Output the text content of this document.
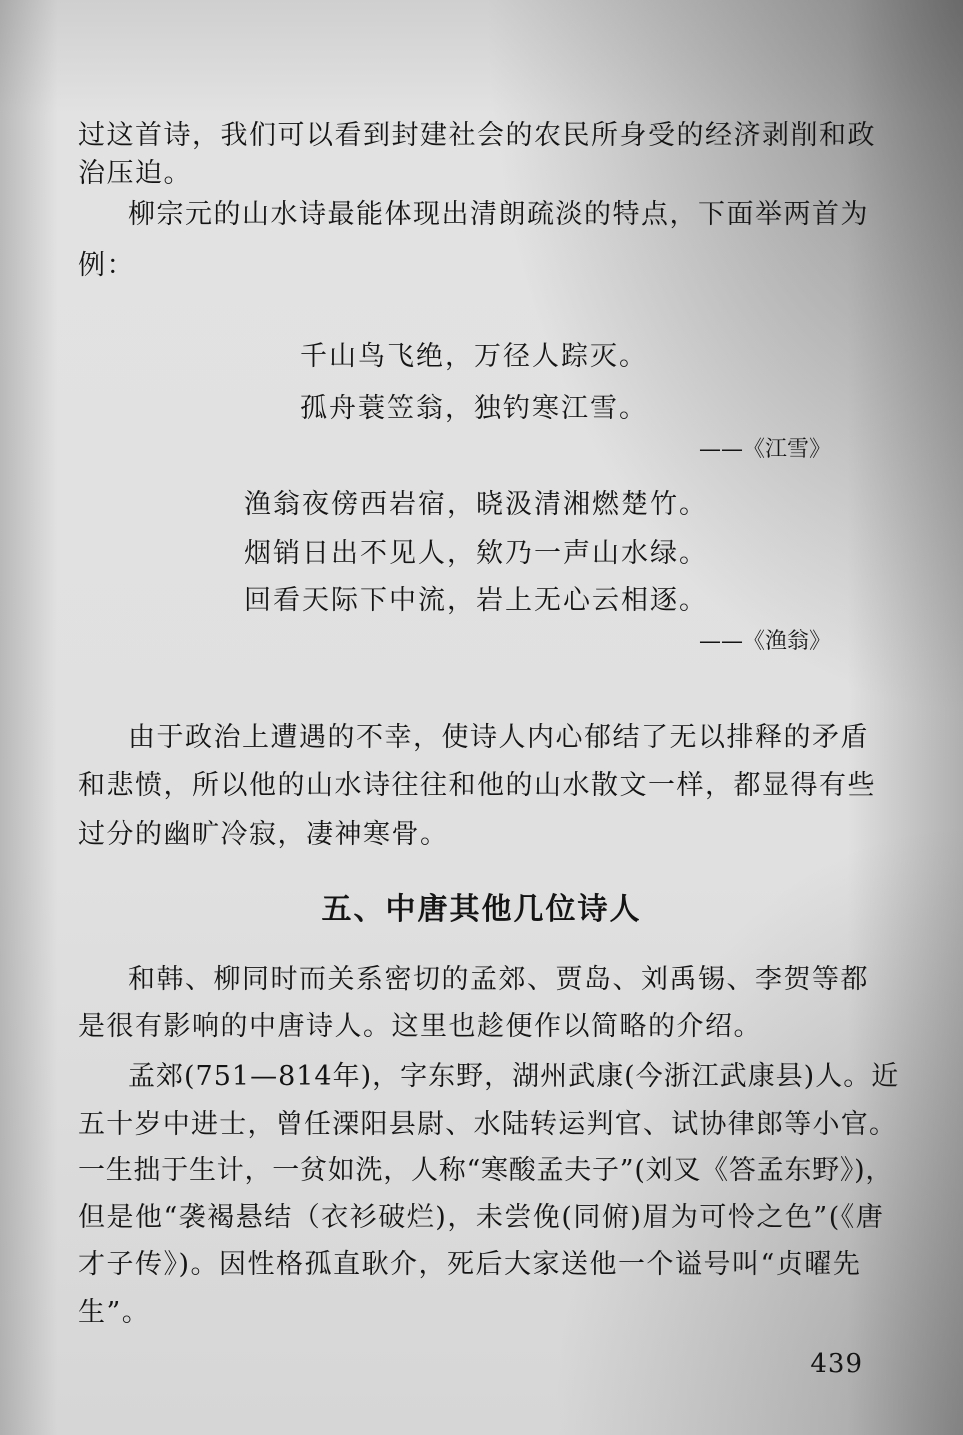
过这首诗，我们可以看到封建社会的农民所身受的经济剥削和政
治压迫。
柳宗元的山水诗最能体现出清朗疏淡的特点，下面举两首为
例：
千山鸟飞绝，万径人踪灭。
孤舟蓑笠翁，独钓寒江雪。
——《江雪》
渔翁夜傍西岩宿，晓汲清湘燃楚竹。
烟销日出不见人，欸乃一声山水绿。
回看天际下中流，岩上无心云相逐。
——《渔翁》
由于政治上遭遇的不幸，使诗人内心郁结了无以排释的矛盾
和悲愤，所以他的山水诗往往和他的山水散文一样，都显得有些
过分的幽旷冷寂，凄神寒骨。
五、中唐其他几位诗人
和韩、柳同时而关系密切的孟郊、贾岛、刘禹锡、李贺等都
是很有影响的中唐诗人。这里也趁便作以简略的介绍。
孟郊(751—814年)，字东野，湖州武康(今浙江武康县)人。近
五十岁中进士，曾任溧阳县尉、水陆转运判官、试协律郎等小官。
一生拙于生计，一贫如洗，人称“寒酸孟夫子”(刘叉《答孟东野》)，
但是他“袭褐悬结（衣衫破烂)，未尝俛(同俯)眉为可怜之色”(《唐
才子传》)。因性格孤直耿介，死后大家送他一个谥号叫“贞曜先
生”。
439
